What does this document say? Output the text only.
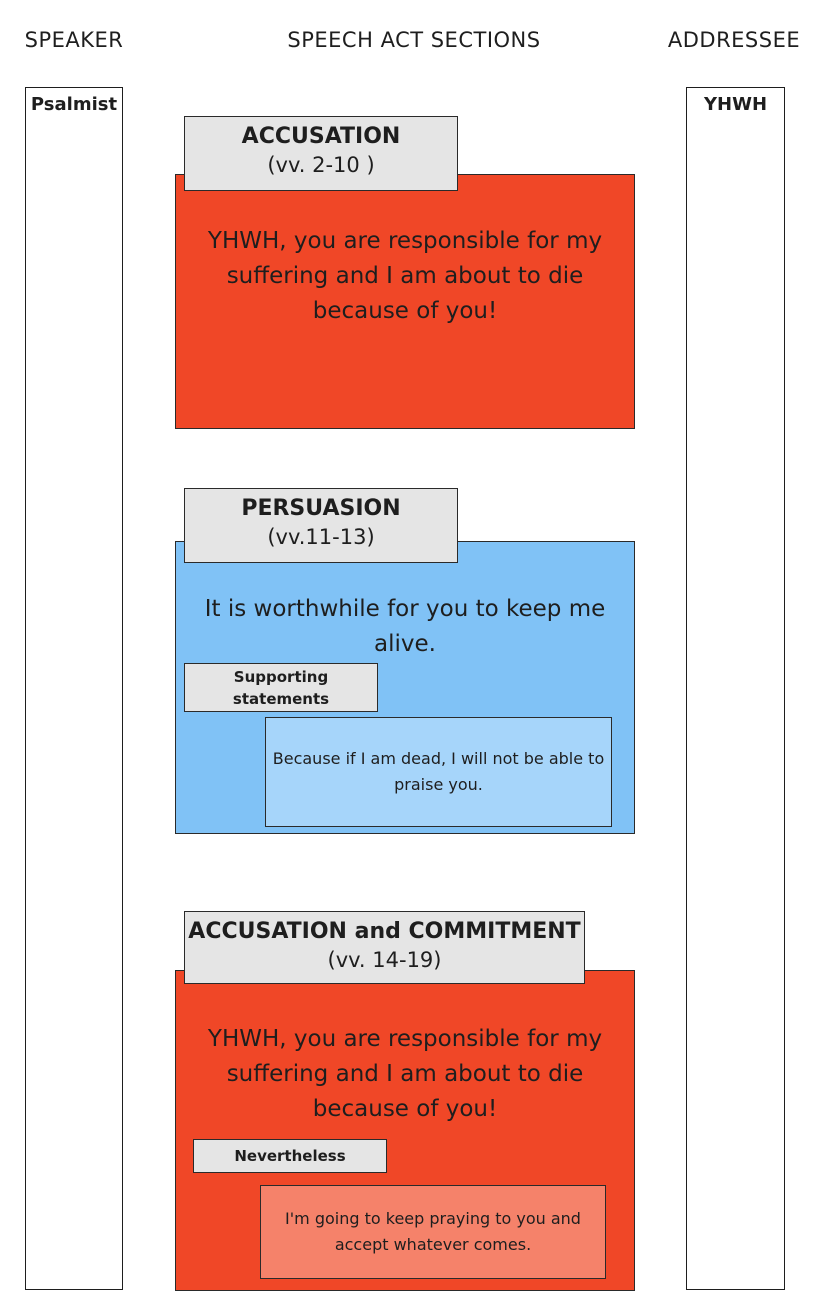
SPEAKER	SPEECH ACT SECTIONS	ADDRESSEE
Psalmist	YHWH
YHWH, you are responsible for my suffering and I am about to die because of you!
ACCUSATION
(vv. 2-10 )
It is worthwhile for you to keep me alive.
PERSUASION
(vv.11-13)
Supporting statements
Because if I am dead, I will not be able to praise you.
YHWH, you are responsible for my suffering and I am about to die because of you!
ACCUSATION and COMMITMENT
(vv. 14-19)
Nevertheless
I'm going to keep praying to you and accept whatever comes.
